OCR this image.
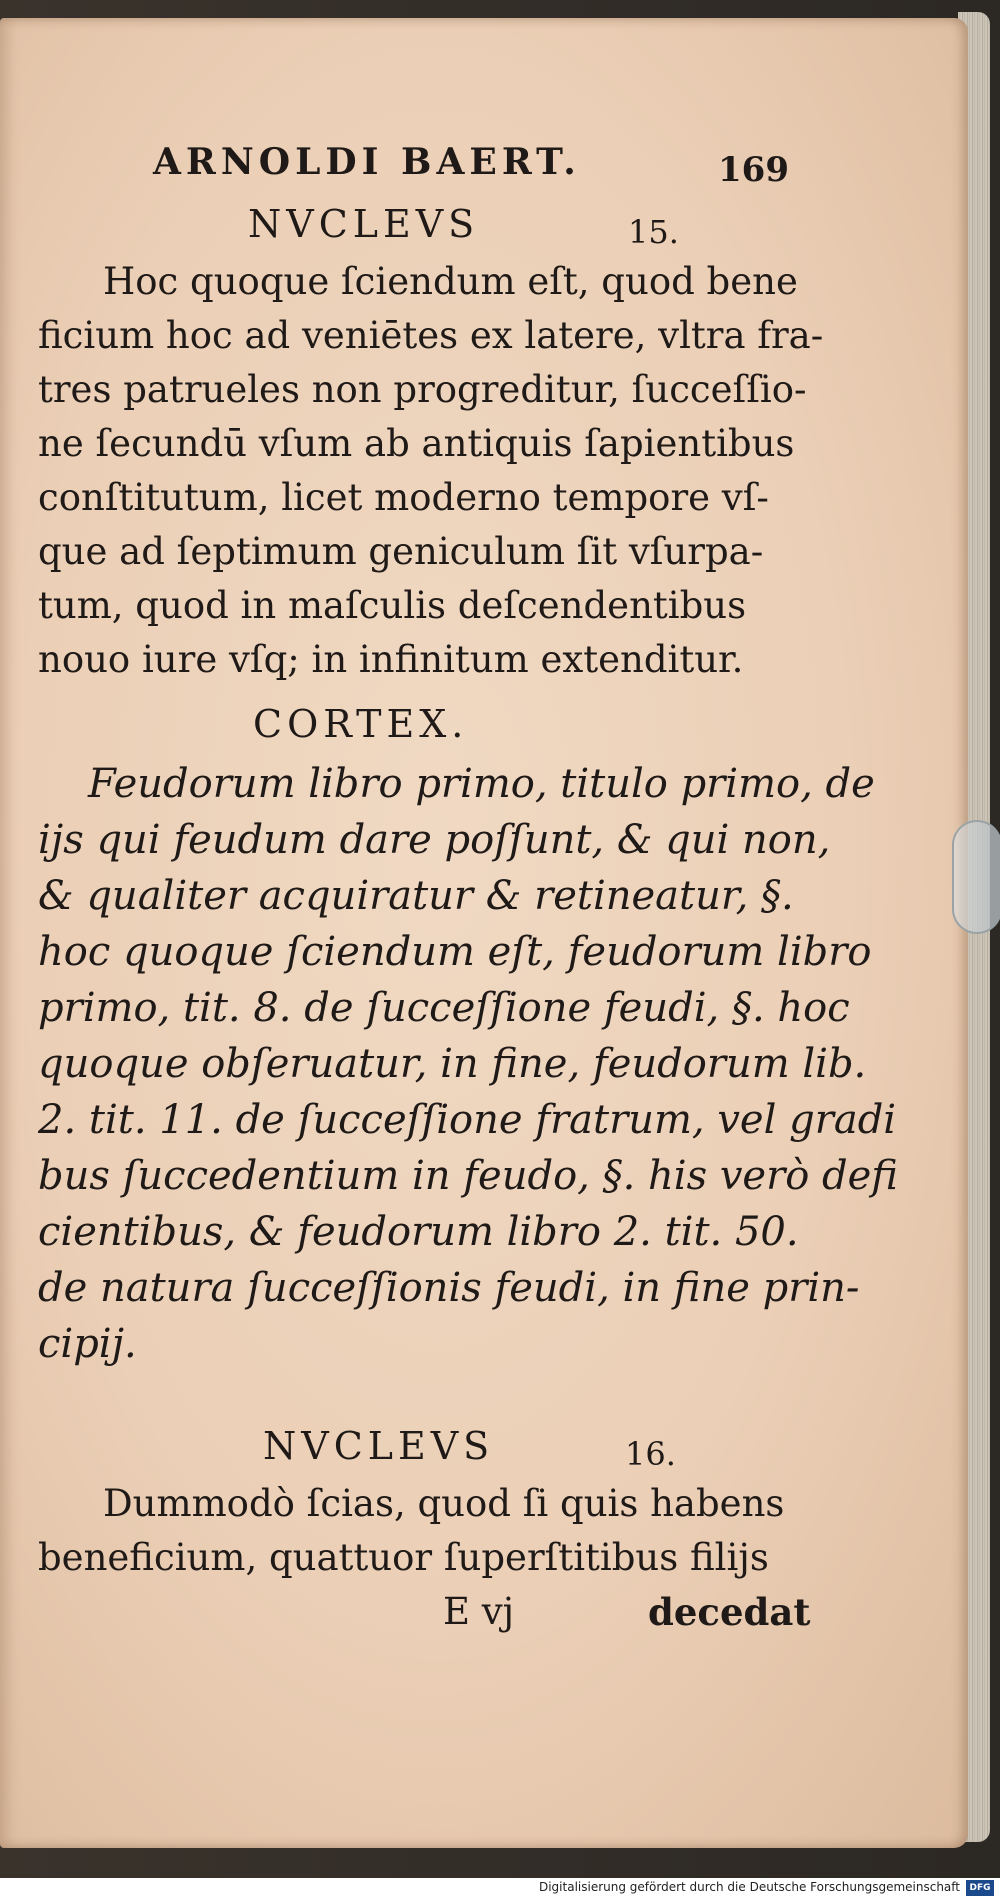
ARNOLDI BAERT.	169
NVCLEVS	15.
Hoc quoque ſciendum eſt, quod bene
ficium hoc ad veniētes ex latere, vltra fra-
tres patrueles non progreditur, ſucceſſio-
ne ſecundū vſum ab antiquis ſapientibus
conſtitutum, licet moderno tempore vſ-
que ad ſeptimum geniculum ſit vſurpa-
tum, quod in maſculis deſcendentibus
nouo iure vſq; in infinitum extenditur.
CORTEX.
Feudorum libro primo, titulo primo, de
ijs qui feudum dare poſſunt, & qui non,
& qualiter acquiratur & retineatur, §.
hoc quoque ſciendum eſt, feudorum libro
primo, tit. 8. de ſucceſſione feudi, §. hoc
quoque obſeruatur, in fine, feudorum lib.
2. tit. 11. de ſucceſſione fratrum, vel gradi
bus ſuccedentium in feudo, §. his verò defi
cientibus, & feudorum libro 2. tit. 50.
de natura ſucceſſionis feudi, in fine prin-
cipij.
NVCLEVS	16.
Dummodò ſcias, quod ſi quis habens
beneficium, quattuor ſuperſtitibus filijs
E vj	decedat
Digitalisierung gefördert durch die Deutsche Forschungsgemeinschaft	DFG
